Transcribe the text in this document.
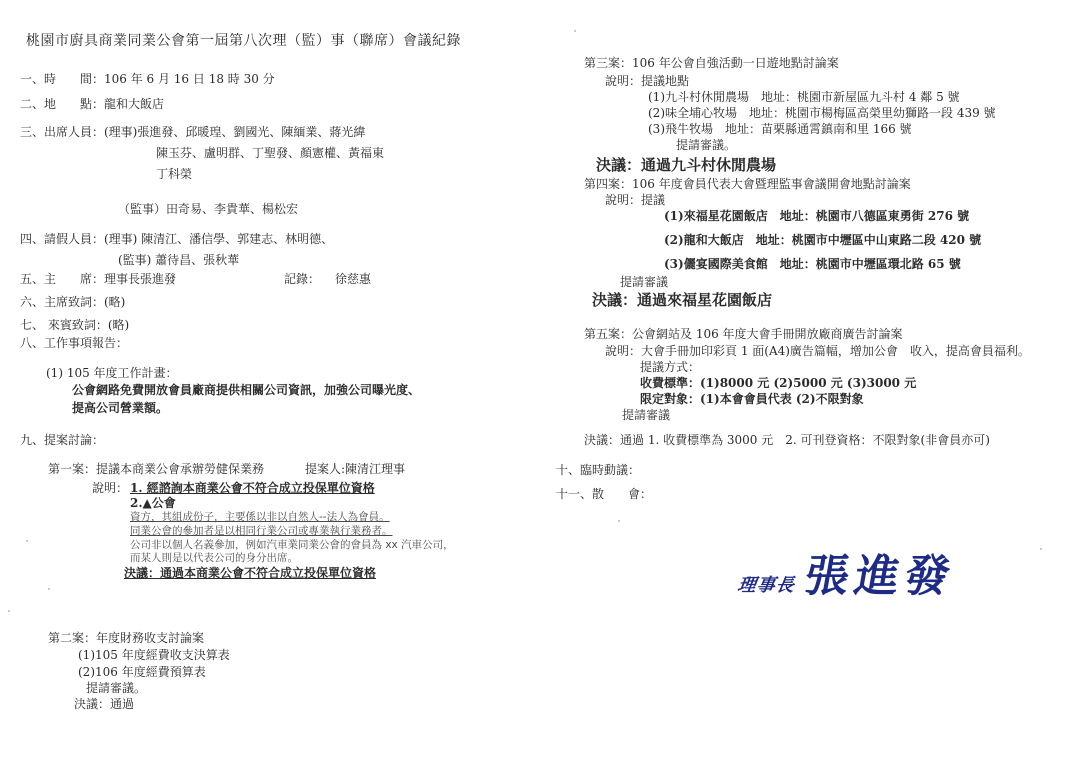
桃園市廚具商業同業公會第一屆第八次理（監）事（聯席）會議紀錄
一、時　　間：106 年 6 月 16 日 18 時 30 分
二、地　　點：龍和大飯店
三、出席人員：(理事)張進發、邱暖瑝、劉國光、陳緬業、蔣光緯
陳玉芬、盧明群、丁聖發、顏憲權、黃福東
丁科榮
（監事）田奇易、李貴華、楊松宏
四、請假人員：(理事) 陳清江、潘信學、郭建志、林明德、
(監事) 蕭待昌、張秋華
五、主　　席：理事長張進發	記錄： 徐慈惠
六、主席致詞：(略)
七、 來賓致詞：(略)
八、工作事項報告：
(1) 105 年度工作計畫：
公會網路免費開放會員廠商提供相關公司資訊，加強公司曝光度、
提高公司營業額。
九、提案討論：
第一案：提議本商業公會承辦勞健保業務	提案人:陳清江理事
說明： 1. 經諮詢本商業公會不符合成立投保單位資格
2.▲公會
資方，其組成份子，主要係以非以自然人--法人為會員。
同業公會的參加者是以相同行業公司或專業執行業務者。
公司非以個人名義參加，例如汽車業同業公會的會員為 xx 汽車公司，
而某人則是以代表公司的身分出席。
決議：通過本商業公會不符合成立投保單位資格
第二案：年度財務收支討論案
(1)105 年度經費收支決算表
(2)106 年度經費預算表
提請審議。
決議：通過
第三案：106 年公會自強活動一日遊地點討論案
說明：提議地點
(1)九斗村休閒農場　地址：桃園市新屋區九斗村 4 鄰 5 號
(2)味全埔心牧場　地址：桃園市楊梅區高榮里幼獅路一段 439 號
(3)飛牛牧場　地址：苗栗縣通霄鎮南和里 166 號
提請審議。
決議：通過九斗村休閒農場
第四案：106 年度會員代表大會暨理監事會議開會地點討論案
說明：提議
(1)來福星花園飯店　地址：桃園市八德區東勇街 276 號
(2)龍和大飯店　地址：桃園市中壢區中山東路二段 420 號
(3)儷宴國際美食館　地址：桃園市中壢區環北路 65 號
提請審議
決議：通過來福星花園飯店
第五案：公會網站及 106 年度大會手冊開放廠商廣告討論案
說明：大會手冊加印彩頁 1 面(A4)廣告篇幅，增加公會　收入，提高會員福利。
提議方式：
收費標準：(1)8000 元 (2)5000 元 (3)3000 元
限定對象：(1)本會會員代表 (2)不限對象
提請審議
決議：通過 1. 收費標準為 3000 元　2. 可刊登資格：不限對象(非會員亦可)
十、臨時動議：
十一、散　　會：
理事長 張進發
